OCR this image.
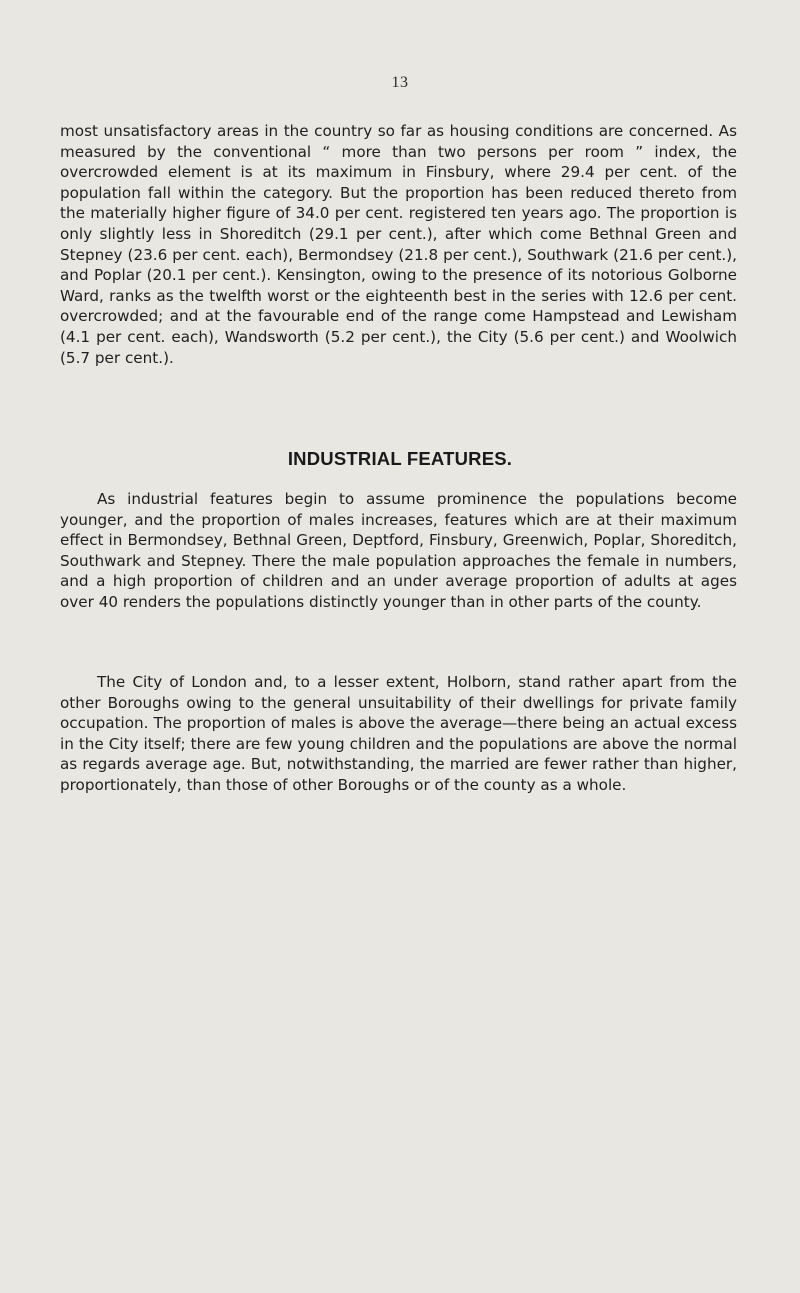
13

most unsatisfactory areas in the country so far as housing conditions are concerned. As measured by the conventional “ more than two persons per room ” index, the overcrowded element is at its maximum in Finsbury, where 29.4 per cent. of the population fall within the category. But the proportion has been reduced thereto from the materially higher figure of 34.0 per cent. registered ten years ago. The proportion is only slightly less in Shoreditch (29.1 per cent.), after which come Bethnal Green and Stepney (23.6 per cent. each), Bermondsey (21.8 per cent.), Southwark (21.6 per cent.), and Poplar (20.1 per cent.). Kensington, owing to the presence of its notorious Golborne Ward, ranks as the twelfth worst or the eighteenth best in the series with 12.6 per cent. overcrowded; and at the favourable end of the range come Hampstead and Lewisham (4.1 per cent. each), Wandsworth (5.2 per cent.), the City (5.6 per cent.) and Woolwich (5.7 per cent.).

INDUSTRIAL FEATURES.

As industrial features begin to assume prominence the populations become younger, and the proportion of males increases, features which are at their maximum effect in Bermondsey, Bethnal Green, Deptford, Finsbury, Greenwich, Poplar, Shoreditch, Southwark and Stepney. There the male population approaches the female in numbers, and a high proportion of children and an under average proportion of adults at ages over 40 renders the populations distinctly younger than in other parts of the county.

The City of London and, to a lesser extent, Holborn, stand rather apart from the other Boroughs owing to the general unsuitability of their dwellings for private family occupation. The proportion of males is above the average—there being an actual excess in the City itself; there are few young children and the populations are above the normal as regards average age. But, notwithstanding, the married are fewer rather than higher, proportionately, than those of other Boroughs or of the county as a whole.
